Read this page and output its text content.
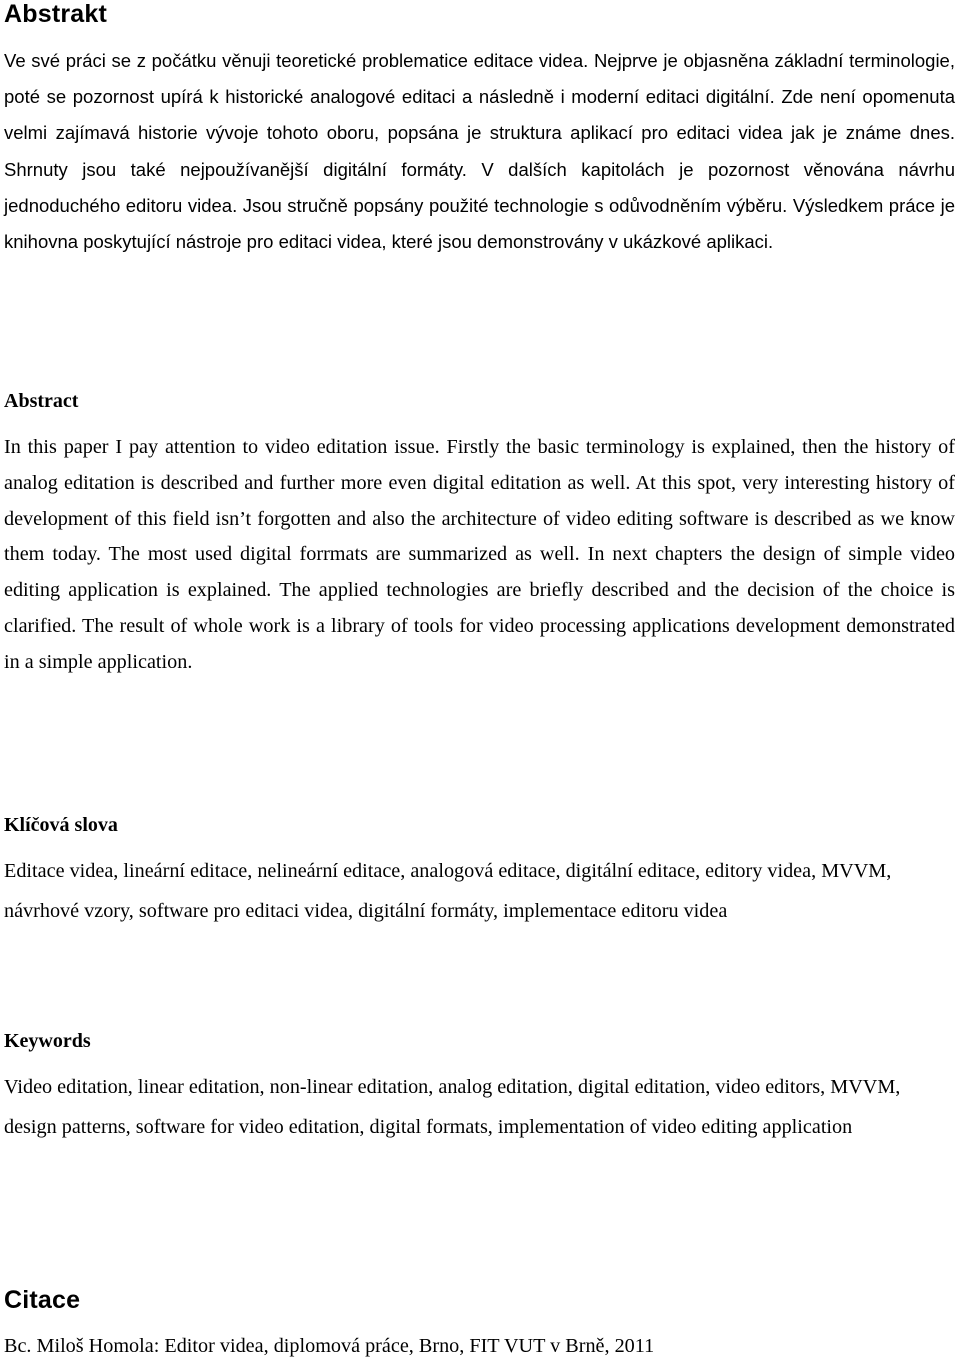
Abstrakt

Ve své práci se z počátku věnuji teoretické problematice editace videa. Nejprve je objasněna základní terminologie, poté se pozornost upírá k historické analogové editaci a následně i moderní editaci digitální. Zde není opomenuta velmi zajímavá historie vývoje tohoto oboru, popsána je struktura aplikací pro editaci videa jak je známe dnes. Shrnuty jsou také nejpoužívanější digitální formáty. V dalších kapitolách je pozornost věnována návrhu jednoduchého editoru videa. Jsou stručně popsány použité technologie s odůvodněním výběru. Výsledkem práce je knihovna poskytující nástroje pro editaci videa, které jsou demonstrovány v ukázkové aplikaci.

Abstract

In this paper I pay attention to video editation issue. Firstly the basic terminology is explained, then the history of analog editation is described and further more even digital editation as well. At this spot, very interesting history of development of this field isn’t forgotten and also the architecture of video editing software is described as we know them today. The most used digital forrmats are summarized as well. In next chapters the design of simple video editing application is explained. The applied technologies are briefly described and the decision of the choice is clarified. The result of whole work is a library of tools for video processing applications development demonstrated in a simple application.

Klíčová slova

Editace videa, lineární editace, nelineární editace, analogová editace, digitální editace, editory videa, MVVM, návrhové vzory, software pro editaci videa, digitální formáty, implementace editoru videa

Keywords

Video editation, linear editation, non-linear editation, analog editation, digital editation, video editors, MVVM, design patterns, software for video editation, digital formats, implementation of video editing application

Citace

Bc. Miloš Homola: Editor videa, diplomová práce, Brno, FIT VUT v Brně, 2011
